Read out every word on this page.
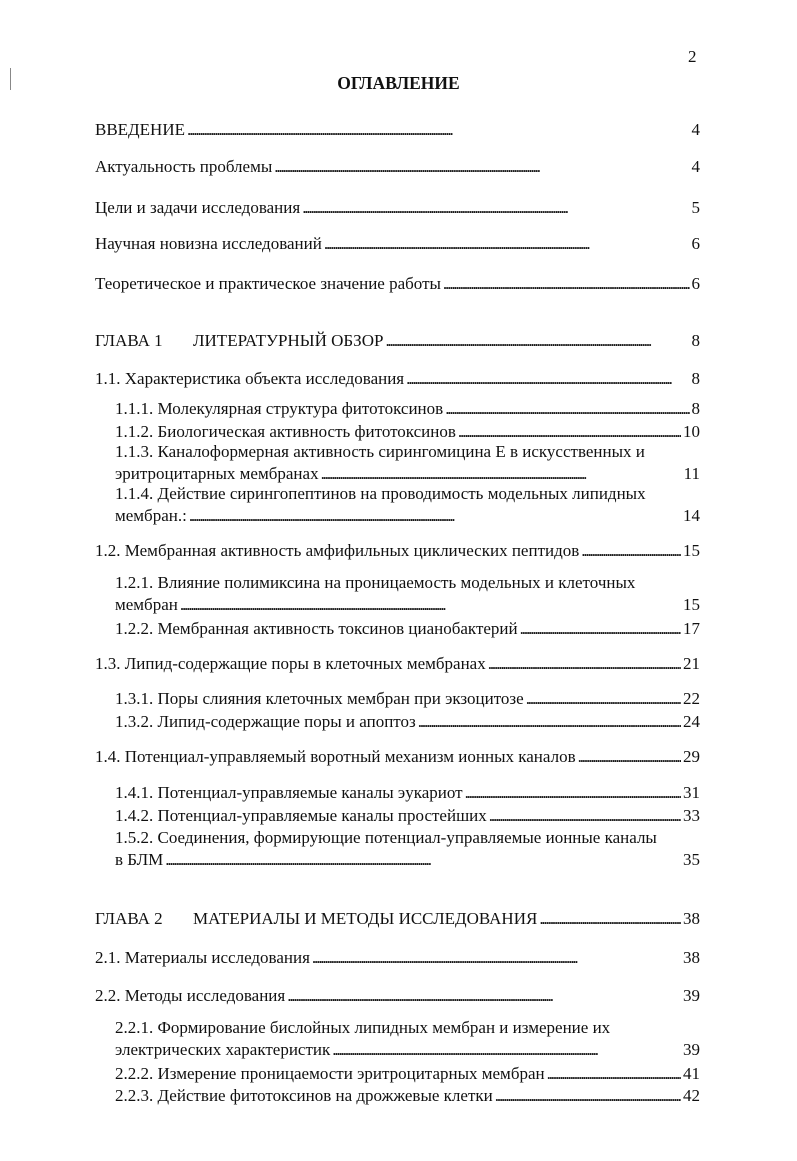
2
ОГЛАВЛЕНИЕ
ВВЕДЕНИЕ . . .	4
Актуальность проблемы . . .	4
Цели и задачи исследования . . .	5
Научная новизна исследований . . .	6
Теоретическое и практическое значение работы . . .	6
ГЛАВА 1	ЛИТЕРАТУРНЫЙ ОБЗОР . . .	8
1.1. Характеристика объекта исследования . . .	8
1.1.1. Молекулярная структура фитотоксинов . . .	8
1.1.2. Биологическая активность фитотоксинов . . .	10
1.1.3. Каналоформерная активность сирингомицина Е в искусственных и
эритроцитарных мембранах . . .	11
1.1.4. Действие сирингопептинов на проводимость модельных липидных
мембран.: . . .	14
1.2. Мембранная активность амфифильных циклических пептидов . . .	15
1.2.1. Влияние полимиксина на проницаемость модельных и клеточных
мембран . . .	15
1.2.2. Мембранная активность токсинов цианобактерий . . .	17
1.3. Липид-содержащие поры в клеточных мембранах . . .	21
1.3.1. Поры слияния клеточных мембран при экзоцитозе . . .	22
1.3.2. Липид-содержащие поры и апоптоз . . .	24
1.4. Потенциал-управляемый воротный механизм ионных каналов . . .	29
1.4.1. Потенциал-управляемые каналы эукариот . . .	31
1.4.2. Потенциал-управляемые каналы простейших . . .	33
1.5.2. Соединения, формирующие потенциал-управляемые ионные каналы
в БЛМ . . .	35
ГЛАВА 2	МАТЕРИАЛЫ И МЕТОДЫ ИССЛЕДОВАНИЯ . . .	38
2.1. Материалы исследования . . .	38
2.2. Методы исследования . . .	39
2.2.1. Формирование бислойных липидных мембран и измерение их
электрических характеристик . . .	39
2.2.2. Измерение проницаемости эритроцитарных мембран . . .	41
2.2.3. Действие фитотоксинов на дрожжевые клетки . . .	42
